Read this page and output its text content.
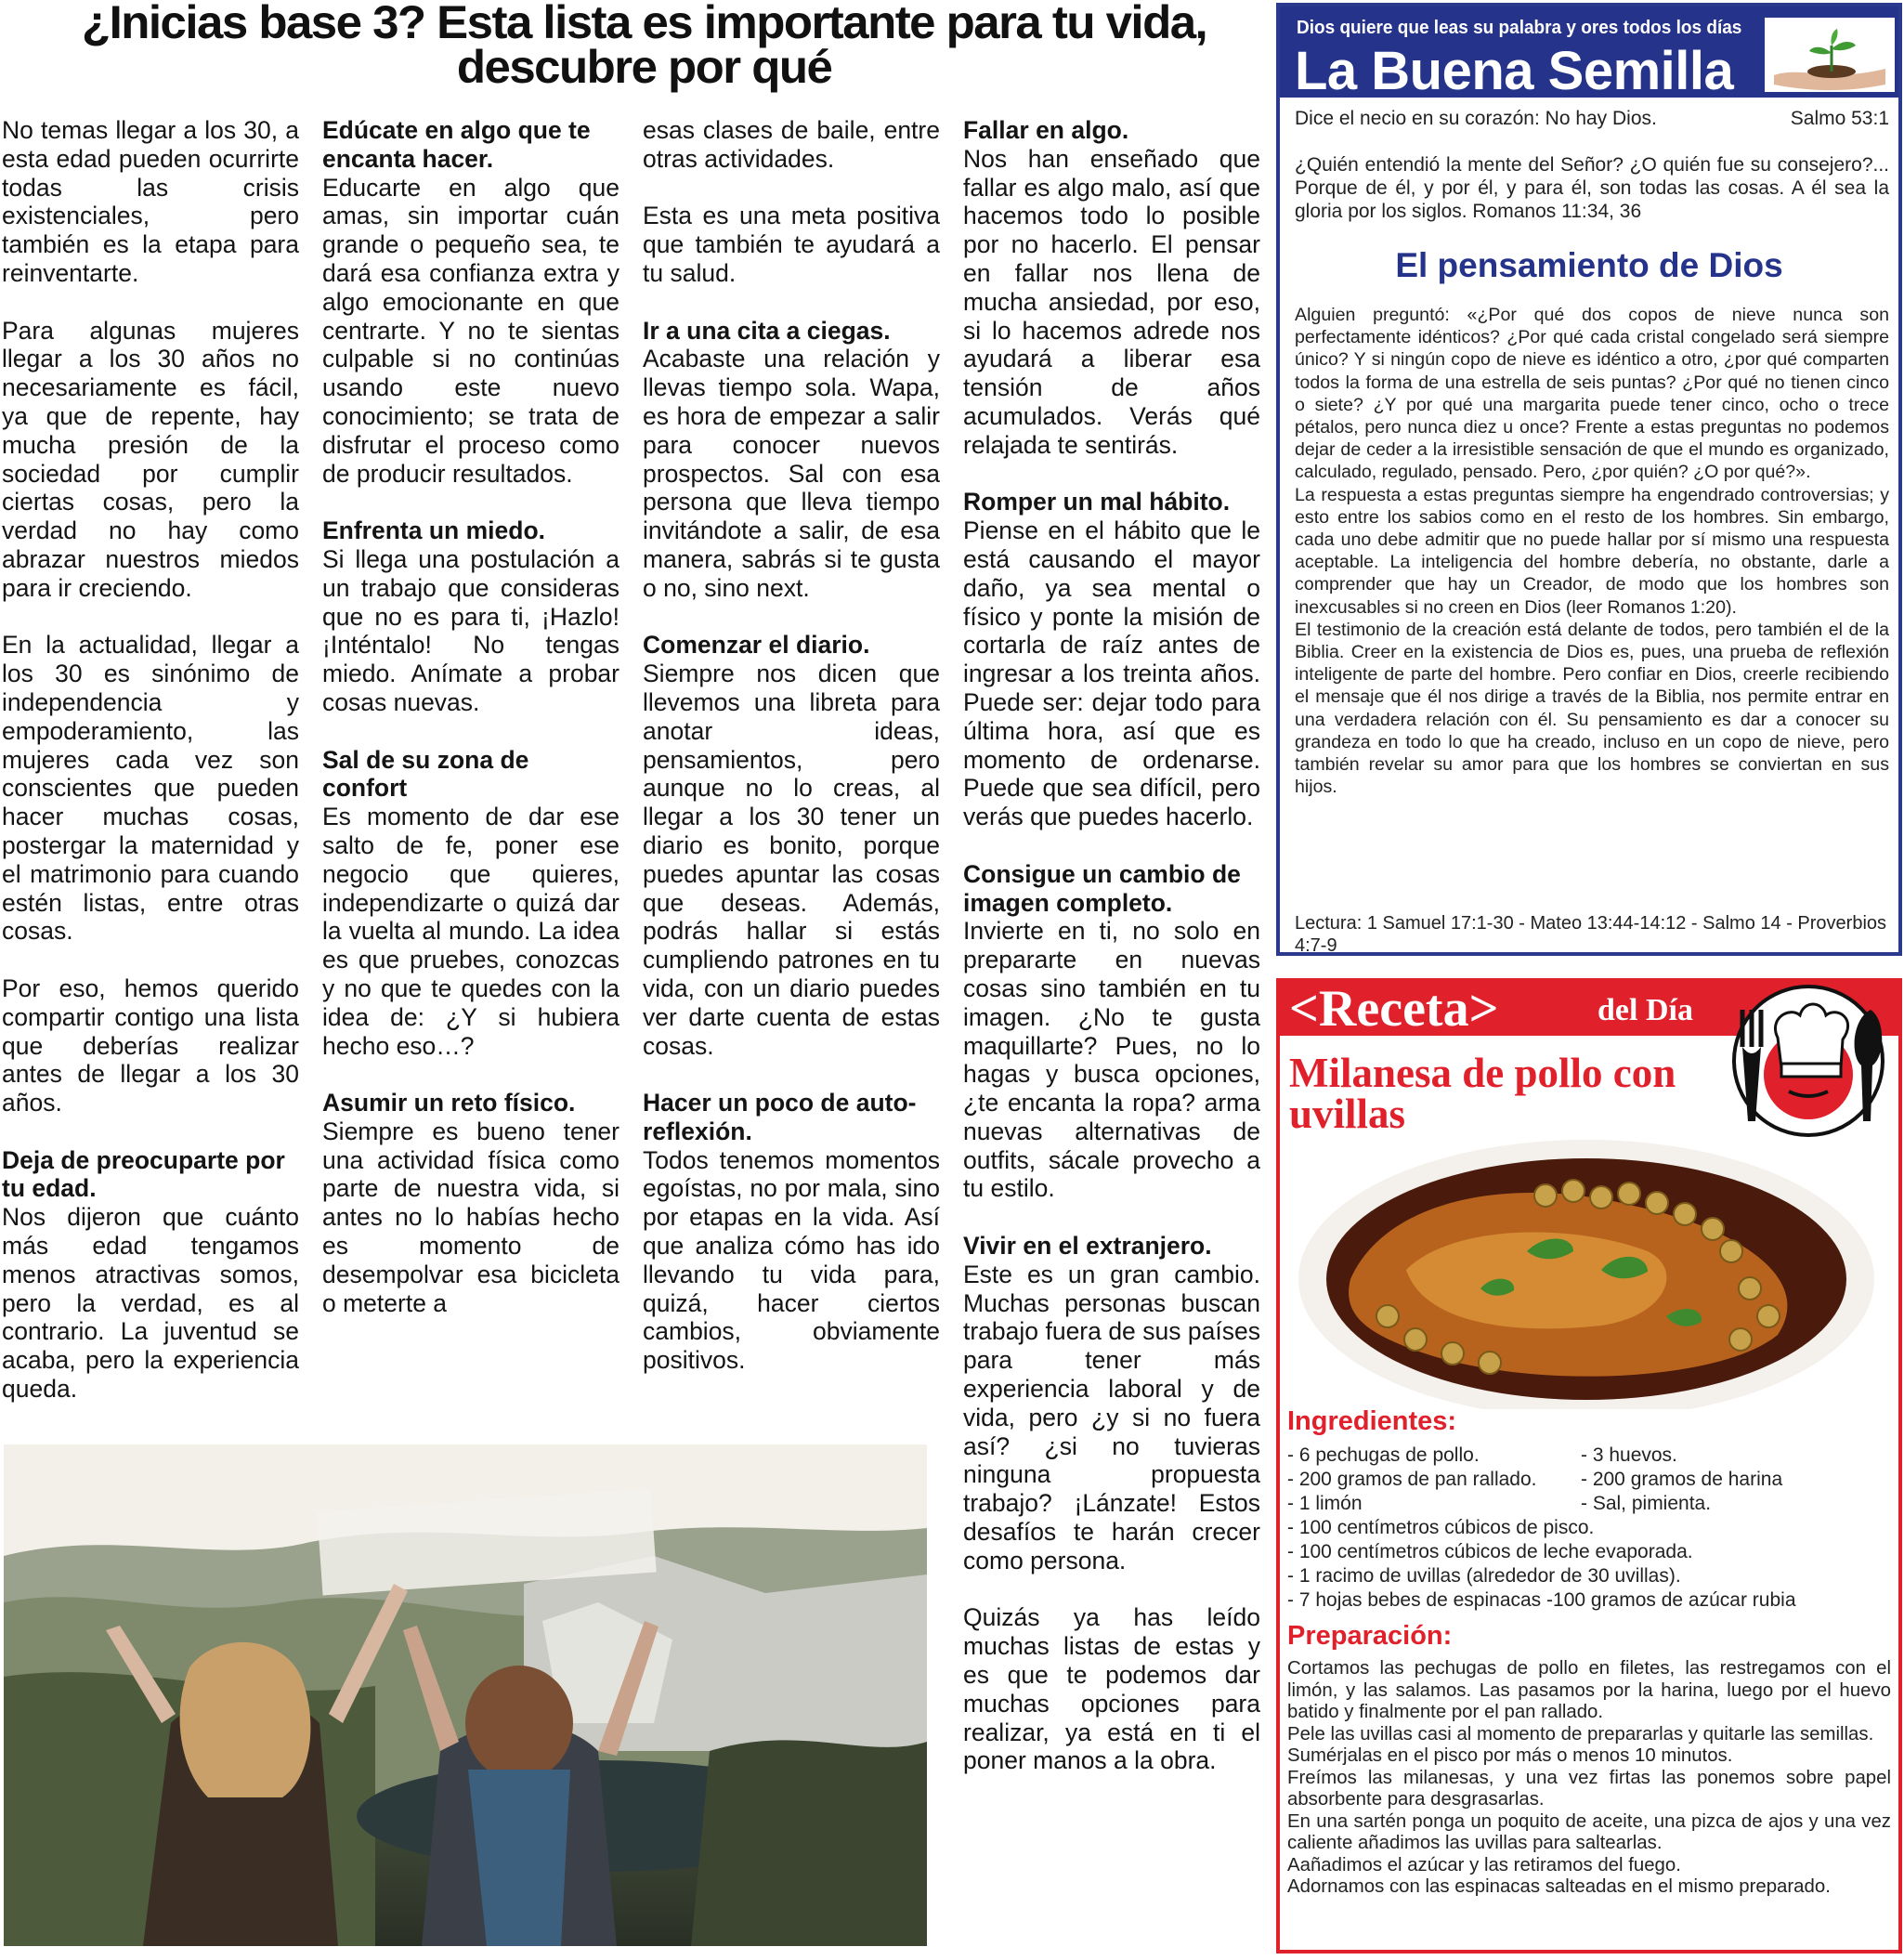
¿Inicias base 3? Esta lista es importante para tu vida, descubre por qué

No temas llegar a los 30, a esta edad pueden ocurrirte todas las crisis existenciales, pero también es la etapa para reinventarte.

Para algunas mujeres llegar a los 30 años no necesariamente es fácil, ya que de repente, hay mucha presión de la sociedad por cumplir ciertas cosas, pero la verdad no hay como abrazar nuestros miedos para ir creciendo.

En la actualidad, llegar a los 30 es sinónimo de independencia y empoderamiento, las mujeres cada vez son conscientes que pueden hacer muchas cosas, postergar la maternidad y el matrimonio para cuando estén listas, entre otras cosas.

Por eso, hemos querido compartir contigo una lista que deberías realizar antes de llegar a los 30 años.

Deja de preocuparte por tu edad.
Nos dijeron que cuánto más edad tengamos menos atractivas somos, pero la verdad, es al contrario. La juventud se acaba, pero la experiencia queda.

Edúcate en algo que te encanta hacer.
Educarte en algo que amas, sin importar cuán grande o pequeño sea, te dará esa confianza extra y algo emocionante en que centrarte. Y no te sientas culpable si no continúas usando este nuevo conocimiento; se trata de disfrutar el proceso como de producir resultados.

Enfrenta un miedo.
Si llega una postulación a un trabajo que consideras que no es para ti, ¡Hazlo! ¡Inténtalo! No tengas miedo. Anímate a probar cosas nuevas.

Sal de su zona de confort
Es momento de dar ese salto de fe, poner ese negocio que quieres, independizarte o quizá dar la vuelta al mundo. La idea es que pruebes, conozcas y no que te quedes con la idea de: ¿Y si hubiera hecho eso…?

Asumir un reto físico.
Siempre es bueno tener una actividad física como parte de nuestra vida, si antes no lo habías hecho es momento de desempolvar esa bicicleta o meterte a

esas clases de baile, entre otras actividades.

Esta es una meta positiva que también te ayudará a tu salud.

Ir a una cita a ciegas.
Acabaste una relación y llevas tiempo sola. Wapa, es hora de empezar a salir para conocer nuevos prospectos. Sal con esa persona que lleva tiempo invitándote a salir, de esa manera, sabrás si te gusta o no, sino next.

Comenzar el diario.
Siempre nos dicen que llevemos una libreta para anotar ideas, pensamientos, pero aunque no lo creas, al llegar a los 30 tener un diario es bonito, porque puedes apuntar las cosas que deseas. Además, podrás hallar si estás cumpliendo patrones en tu vida, con un diario puedes ver darte cuenta de estas cosas.

Hacer un poco de auto-reflexión.
Todos tenemos momentos egoístas, no por mala, sino por etapas en la vida. Así que analiza cómo has ido llevando tu vida para, quizá, hacer ciertos cambios, obviamente positivos.

Fallar en algo.
Nos han enseñado que fallar es algo malo, así que hacemos todo lo posible por no hacerlo. El pensar en fallar nos llena de mucha ansiedad, por eso, si lo hacemos adrede nos ayudará a liberar esa tensión de años acumulados. Verás qué relajada te sentirás.

Romper un mal hábito.
Piense en el hábito que le está causando el mayor daño, ya sea mental o físico y ponte la misión de cortarla de raíz antes de ingresar a los treinta años. Puede ser: dejar todo para última hora, así que es momento de ordenarse. Puede que sea difícil, pero verás que puedes hacerlo.

Consigue un cambio de imagen completo.
Invierte en ti, no solo en prepararte en nuevas cosas sino también en tu imagen. ¿No te gusta maquillarte? Pues, no lo hagas y busca opciones, ¿te encanta la ropa? arma nuevas alternativas de outfits, sácale provecho a tu estilo.

Vivir en el extranjero.
Este es un gran cambio. Muchas personas buscan trabajo fuera de sus países para tener más experiencia laboral y de vida, pero ¿y si no fuera así? ¿si no tuvieras ninguna propuesta trabajo? ¡Lánzate! Estos desafíos te harán crecer como persona.

Quizás ya has leído muchas listas de estas y es que te podemos dar muchas opciones para realizar, ya está en ti el poner manos a la obra.

Dios quiere que leas su palabra y ores todos los días
La Buena Semilla
Dice el necio en su corazón: No hay Dios.	Salmo 53:1
¿Quién entendió la mente del Señor? ¿O quién fue su consejero?... Porque de él, y por él, y para él, son todas las cosas. A él sea la gloria por los siglos. Romanos 11:34, 36
El pensamiento de Dios

Alguien preguntó: «¿Por qué dos copos de nieve nunca son perfectamente idénticos? ¿Por qué cada cristal congelado será siempre único? Y si ningún copo de nieve es idéntico a otro, ¿por qué comparten todos la forma de una estrella de seis puntas? ¿Por qué no tienen cinco o siete? ¿Y por qué una margarita puede tener cinco, ocho o trece pétalos, pero nunca diez u once? Frente a estas preguntas no podemos dejar de ceder a la irresistible sensación de que el mundo es organizado, calculado, regulado, pensado. Pero, ¿por quién? ¿O por qué?».

La respuesta a estas preguntas siempre ha engendrado controversias; y esto entre los sabios como en el resto de los hombres. Sin embargo, cada uno debe admitir que no puede hallar por sí mismo una respuesta aceptable. La inteligencia del hombre debería, no obstante, darle a comprender que hay un Creador, de modo que los hombres son inexcusables si no creen en Dios (leer Romanos 1:20).

El testimonio de la creación está delante de todos, pero también el de la Biblia. Creer en la existencia de Dios es, pues, una prueba de reflexión inteligente de parte del hombre. Pero confiar en Dios, creerle recibiendo el mensaje que él nos dirige a través de la Biblia, nos permite entrar en una verdadera relación con él. Su pensamiento es dar a conocer su grandeza en todo lo que ha creado, incluso en un copo de nieve, pero también revelar su amor para que los hombres se conviertan en sus hijos.

Lectura: 1 Samuel 17:1-30 - Mateo 13:44-14:12 - Salmo 14 - Proverbios 4:7-9
<Receta>	del Día
Milanesa de pollo con uvillas
Ingredientes:
- 6 pechugas de pollo.	- 3 huevos.
- 200 gramos de pan rallado. - 200 gramos de harina
- 1 limón	- Sal, pimienta.
- 100 centímetros cúbicos de pisco.
- 100 centímetros cúbicos de leche evaporada.
- 1 racimo de uvillas (alrededor de 30 uvillas).
- 7 hojas bebes de espinacas -100 gramos de azúcar rubia
Preparación:

Cortamos las pechugas de pollo en filetes, las restregamos con el limón, y las salamos. Las pasamos por la harina, luego por el huevo batido y finalmente por el pan rallado.

Pele las uvillas casi al momento de prepararlas y quitarle las semillas.

Sumérjalas en el pisco por más o menos 10 minutos.

Freímos las milanesas, y una vez firtas las ponemos sobre papel absorbente para desgrasarlas.

En una sartén ponga un poquito de aceite, una pizca de ajos y una vez caliente añadimos las uvillas para saltearlas.

Aañadimos el azúcar y las retiramos del fuego.

Adornamos con las espinacas salteadas en el mismo preparado.
